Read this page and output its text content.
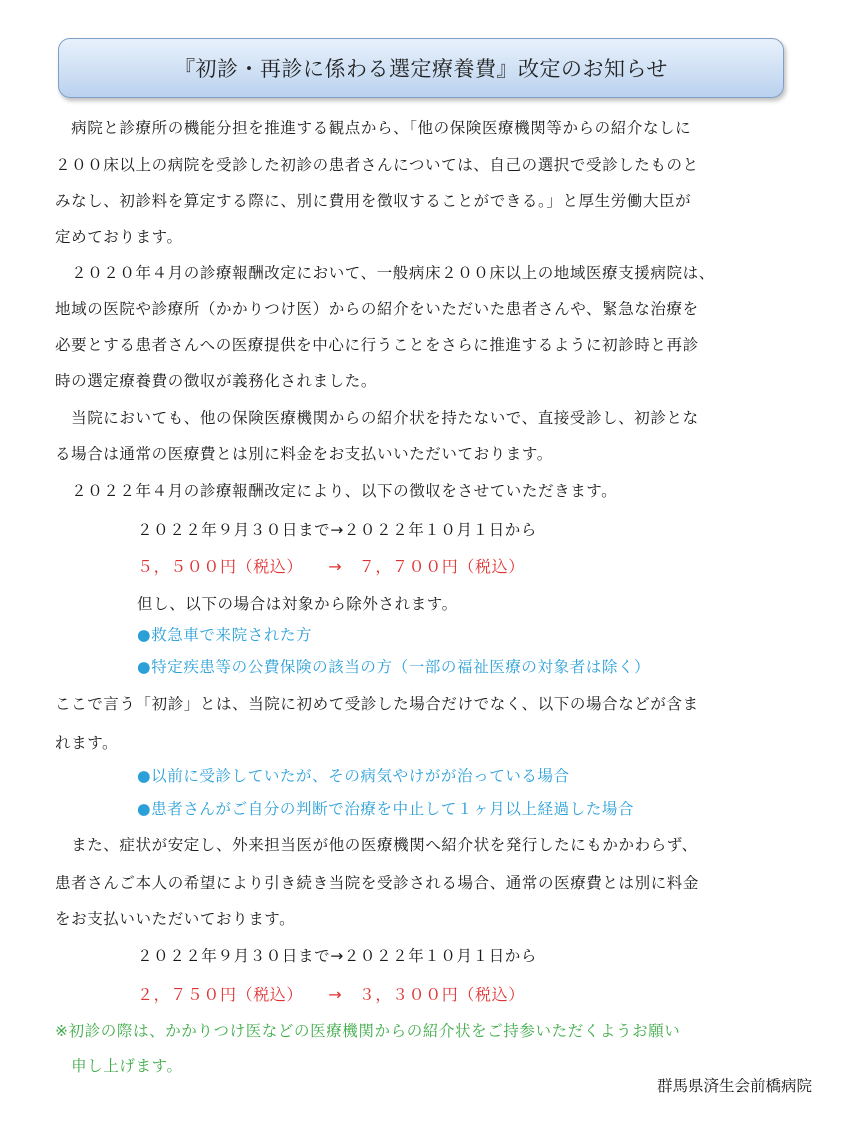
『初診・再診に係わる選定療養費』改定のお知らせ
　病院と診療所の機能分担を推進する観点から、「他の保険医療機関等からの紹介なしに
２００床以上の病院を受診した初診の患者さんについては、自己の選択で受診したものと
みなし、初診料を算定する際に、別に費用を徴収することができる。」と厚生労働大臣が
定めております。
　２０２０年４月の診療報酬改定において、一般病床２００床以上の地域医療支援病院は、
地域の医院や診療所（かかりつけ医）からの紹介をいただいた患者さんや、緊急な治療を
必要とする患者さんへの医療提供を中心に行うことをさらに推進するように初診時と再診
時の選定療養費の徴収が義務化されました。
　当院においても、他の保険医療機関からの紹介状を持たないで、直接受診し、初診とな
る場合は通常の医療費とは別に料金をお支払いいただいております。
　２０２２年４月の診療報酬改定により、以下の徴収をさせていただきます。
２０２２年９月３０日まで→２０２２年１０月１日から
５，５００円（税込）　　→　７，７００円（税込）
但し、以下の場合は対象から除外されます。
●救急車で来院された方
●特定疾患等の公費保険の該当の方（一部の福祉医療の対象者は除く）
ここで言う「初診」とは、当院に初めて受診した場合だけでなく、以下の場合などが含ま
れます。
●以前に受診していたが、その病気やけがが治っている場合
●患者さんがご自分の判断で治療を中止して１ヶ月以上経過した場合
　また、症状が安定し、外来担当医が他の医療機関へ紹介状を発行したにもかかわらず、
患者さんご本人の希望により引き続き当院を受診される場合、通常の医療費とは別に料金
をお支払いいただいております。
２０２２年９月３０日まで→２０２２年１０月１日から
２，７５０円（税込）　　→　３，３００円（税込）
※初診の際は、かかりつけ医などの医療機関からの紹介状をご持参いただくようお願い
　申し上げます。
群馬県済生会前橋病院
